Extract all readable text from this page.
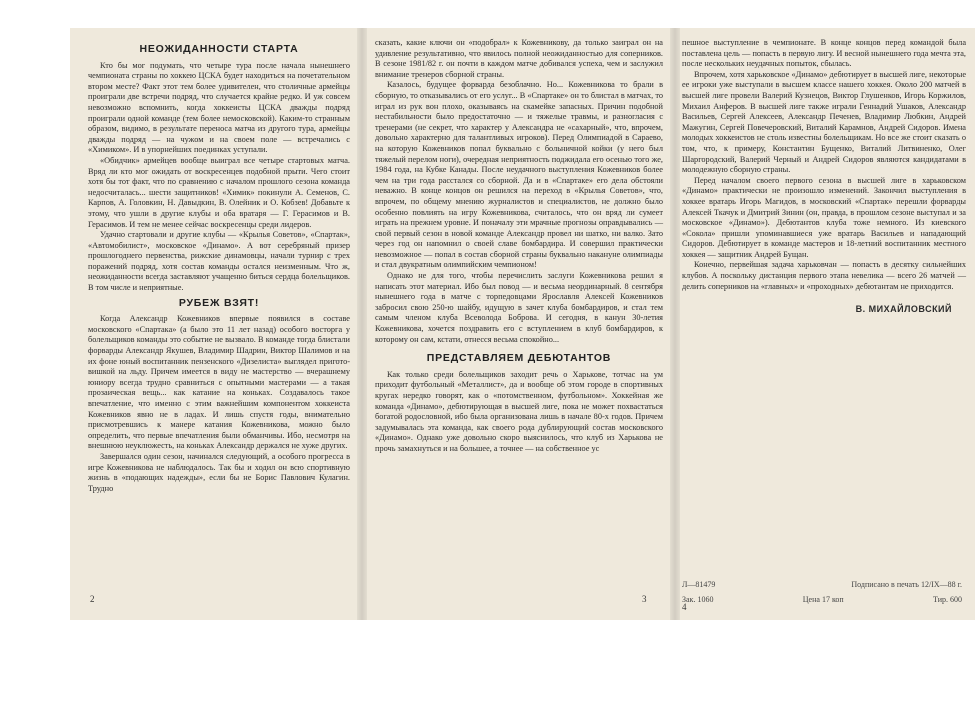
НЕОЖИДАННОСТИ СТАРТА

Кто бы мог подумать, что четыре тура после начала нынешнего чемпионата страны по хоккею ЦСКА будет находиться на почетательном втором месте? Факт этот тем более удивителен, что столичные армейцы проиграли две встречи подряд, что случается крайне редко. И уж совсем невозможно вспомнить, когда хоккеисты ЦСКА дважды подряд проиграли одной команде (тем более немосковской). Каким-то странным образом, видимо, в результате переноса матча из другого тура, армейцы дважды подряд — на чужом и на своем поле — встречались с «Химиком». И в упорнейших поединках уступали.

«Обидчик» армейцев вообще выиграл все четыре стартовых матча. Вряд ли кто мог ожидать от воскресенцев подобной прыти. Чего стоит хотя бы тот факт, что по сравнению с началом прошлого сезона команда недосчиталась... шести защитников! «Химик» покинули А. Семенов, С. Карпов, А. Головкин, Н. Давыдкин, В. Олейник и О. Кобзев! Добавьте к этому, что ушли в другие клубы и оба вратаря — Г. Герасимов и В. Герасимов. И тем не менее сейчас воскресенцы среди лидеров.

Удачно стартовали и другие клубы — «Крылья Советов», «Спартак», «Автомобилист», московское «Динамо». А вот серебряный призер прошлогоднего первенства, рижские динамовцы, начали турнир с трех поражений подряд, хотя состав команды остался неизменным. Что ж, неожиданности всегда заставляют учащенно биться сердца болельщиков. В том числе и неприятные.

РУБЕЖ ВЗЯТ!

Когда Александр Кожевников впервые появился в составе московского «Спартака» (а было это 11 лет назад) особого восторга у болельщиков команды это событие не вызвало. В команде тогда блистали форварды Александр Якушев, Владимир Шадрин, Виктор Шалимов и на их фоне юный воспитанник пензенского «Дизелиста» выглядел приготовишкой на льду. Причем имеется в виду не мастерство — вчерашнему юниору всегда трудно сравниться с опытными мастерами — а такая прозаическая вещь... как катание на коньках. Создавалось такое впечатление, что именно с этим важнейшим компонентом хоккеиста Кожевников явно не в ладах. И лишь спустя годы, внимательно присмотревшись к манере катания Кожевникова, можно было определить, что первые впечатления были обманчивы. Ибо, несмотря на внешнюю неуклюжесть, на коньках Александр держался не хуже других.

Завершался один сезон, начинался следующий, а особого прогресса в игре Кожевникова не наблюдалось. Так бы и ходил он всю спортивную жизнь в «подающих надежды», если бы не Борис Павлович Кулагин. Трудно

сказать, какие ключи он «подобрал» к Кожевникову, да только заиграл он на удивление результативно, что явилось полной неожиданностью для соперников. В сезоне 1981/82 г. он почти в каждом матче добивался успеха, чем и заслужил внимание тренеров сборной страны.

Казалось, будущее форварда безоблачно. Но... Кожевникова то брали в сборную, то отказывались от его услуг... В «Спартаке» он то блистал в матчах, то играл из рук вон плохо, оказываясь на скамейке запасных. Причин подобной нестабильности было предостаточно — и тяжелые травмы, и разногласия с тренерами (не секрет, что характер у Александра не «сахарный», что, впрочем, довольно характерно для талантливых игроков). Перед Олимпиадой в Сараево, на которую Кожевников попал буквально с больничной койки (у него был тяжелый перелом ноги), очередная неприятность поджидала его осенью того же, 1984 года, на Кубке Канады. После неудачного выступления Кожевников более чем на три года расстался со сборной. Да и в «Спартаке» его дела обстояли неважно. В конце концов он решился на переход в «Крылья Советов», что, впрочем, по общему мнению журналистов и специалистов, не должно было особенно повлиять на игру Кожевникова, считалось, что он вряд ли сумеет играть на прежнем уровне. И поначалу эти мрачные прогнозы оправдывались — свой первый сезон в новой команде Александр провел ни шатко, ни валко. Зато через год он напомнил о своей славе бомбардира. И совершил практически невозможное — попал в состав сборной страны буквально накануне олимпиады и стал двукратным олимпийским чемпионом!

Однако не для того, чтобы перечислить заслуги Кожевникова решил я написать этот материал. Ибо был повод — и весьма неординарный. 8 сентября нынешнего года в матче с торпедовцами Ярославля Алексей Кожевников забросил свою 250-ю шайбу, идущую в зачет клуба бомбардиров, и стал тем самым членом клуба Всеволода Боброва. И сегодня, в канун 30-летия Кожевникова, хочется поздравить его с вступлением в клуб бомбардиров, к которому он сам, кстати, отнесся весьма спокойно...

ПРЕДСТАВЛЯЕМ ДЕБЮТАНТОВ

Как только среди болельщиков заходит речь о Харькове, тотчас на ум приходит футбольный «Металлист», да и вообще об этом городе в спортивных кругах нередко говорят, как о «потомственном, футбольном». Хоккейная же команда «Динамо», дебютирующая в высшей лиге, пока не может похвастаться богатой родословной, ибо была организована лишь в начале 80-х годов. Причем задумывалась эта команда, как своего рода дублирующий состав московского «Динамо». Однако уже довольно скоро выяснилось, что клуб из Харькова не прочь замахнуться и на большее, а точнее — на собственное ус

пешное выступление в чемпионате. В конце концов перед командой была поставлена цель — попасть в первую лигу. И весной нынешнего года мечта эта, после нескольких неудачных попыток, сбылась.

Впрочем, хотя харьковское «Динамо» дебютирует в высшей лиге, некоторые ее игроки уже выступали в высшем классе нашего хоккея. Около 200 матчей в высшей лиге провели Валерий Кузнецов, Виктор Глушенков, Игорь Коржилов, Михаил Анферов. В высшей лиге также играли Геннадий Ушаков, Александр Васильев, Сергей Алексеев, Александр Печенев, Владимир Любкин, Андрей Мажугин, Сергей Повечеровский, Виталий Карамнов, Андрей Сидоров. Имена молодых хоккеистов не столь известны болельщикам. Но все же стоит сказать о том, что, к примеру, Константин Бущенко, Виталий Литвиненко, Олег Шаргородский, Валерий Черный и Андрей Сидоров являются кандидатами в молодежную сборную страны.

Перед началом своего первого сезона в высшей лиге в харьковском «Динамо» практически не произошло изменений. Закончил выступления в хоккее вратарь Игорь Магидов, в московский «Спартак» перешли форварды Алексей Ткачук и Дмитрий Зинин (он, правда, в прошлом сезоне выступал и за московское «Динамо»). Дебютантов клуба тоже немного. Из киевского «Сокола» пришли упоминавшиеся уже вратарь Васильев и нападающий Сидоров. Дебютирует в команде мастеров и 18-летний воспитанник местного хоккея — защитник Андрей Бущан.

Конечно, первейшая задача харьковчан — попасть в десятку сильнейших клубов. А поскольку дистанция первого этапа невелика — всего 26 матчей — делить соперников на «главных» и «проходных» дебютантам не приходится.

В. МИХАЙЛОВСКИЙ
Л—81479	Подписано в печать 12/IX—88 г.
Зак. 1060	Цена 17 коп	Тир. 600
2	3
4
